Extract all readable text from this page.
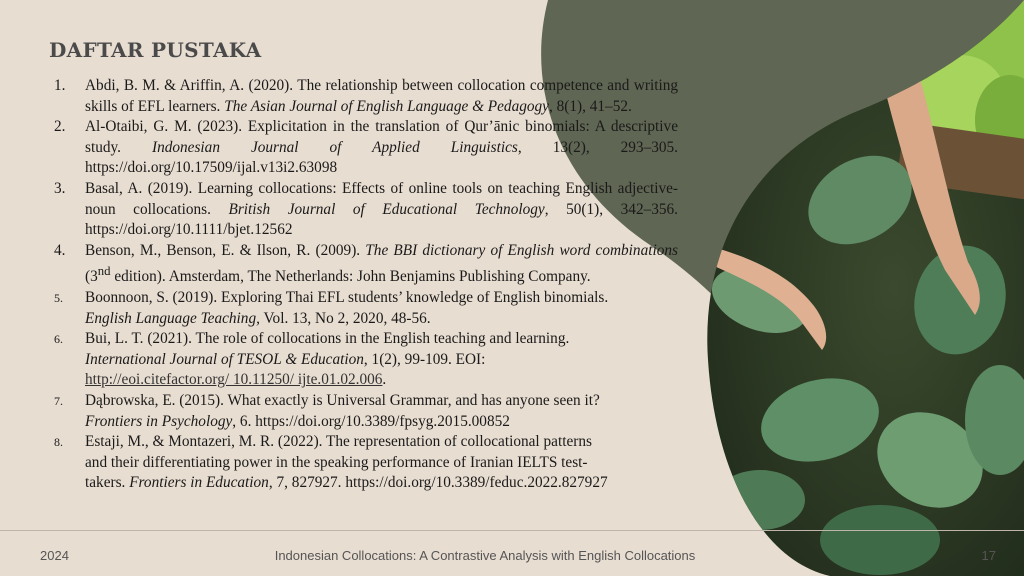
DAFTAR PUSTAKA
1.	Abdi, B. M. & Ariffin, A. (2020). The relationship between collocation competence and writing skills of EFL learners. The Asian Journal of English Language & Pedagogy, 8(1), 41–52.
2.	Al-Otaibi, G. M. (2023). Explicitation in the translation of Qur’ānic binomials: A descriptive study. Indonesian Journal of Applied Linguistics, 13(2), 293–305. https://doi.org/10.17509/ijal.v13i2.63098
3.	Basal, A. (2019). Learning collocations: Effects of online tools on teaching English adjective-noun collocations. British Journal of Educational Technology, 50(1), 342–356. https://doi.org/10.1111/bjet.12562
4.	Benson, M., Benson, E. & Ilson, R. (2009). The BBI dictionary of English word combinations (3nd edition). Amsterdam, The Netherlands: John Benjamins Publishing Company.
5.	Boonnoon, S. (2019). Exploring Thai EFL students’ knowledge of English binomials.
English Language Teaching, Vol. 13, No 2, 2020, 48-56.
6.	Bui, L. T. (2021). The role of collocations in the English teaching and learning.
International Journal of TESOL & Education, 1(2), 99-109. EOI:
http://eoi.citefactor.org/ 10.11250/ ijte.01.02.006.
7.	Dąbrowska, E. (2015). What exactly is Universal Grammar, and has anyone seen it?
Frontiers in Psychology, 6. https://doi.org/10.3389/fpsyg.2015.00852
8.	Estaji, M., & Montazeri, M. R. (2022). The representation of collocational patterns
and their differentiating power in the speaking performance of Iranian IELTS test-
takers. Frontiers in Education, 7, 827927. https://doi.org/10.3389/feduc.2022.827927
2024	Indonesian Collocations: A Contrastive Analysis with English Collocations	17
